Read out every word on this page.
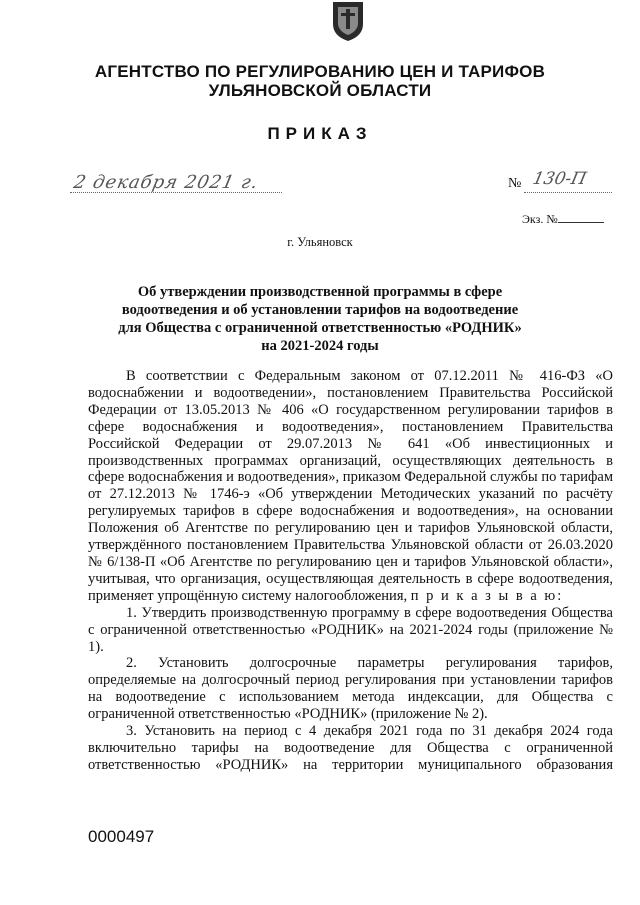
АГЕНТСТВО ПО РЕГУЛИРОВАНИЮ ЦЕН И ТАРИФОВ
УЛЬЯНОВСКОЙ ОБЛАСТИ
ПРИКАЗ
2 декабря 2021 г.	№ 130-П
Экз. №
г. Ульяновск
Об утверждении производственной программы в сфере
водоотведения и об установлении тарифов на водоотведение
для Общества с ограниченной ответственностью «РОДНИК»
на 2021-2024 годы

В соответствии с Федеральным законом от 07.12.2011 № 416-ФЗ «О водоснабжении и водоотведении», постановлением Правительства Российской Федерации от 13.05.2013 № 406 «О государственном регулировании тарифов в сфере водоснабжения и водоотведения», постановлением Правительства Российской Федерации от 29.07.2013 № 641 «Об инвестиционных и производственных программах организаций, осуществляющих деятельность в сфере водоснабжения и водоотведения», приказом Федеральной службы по тарифам от 27.12.2013 № 1746-э «Об утверждении Методических указаний по расчёту регулируемых тарифов в сфере водоснабжения и водоотведения», на основании Положения об Агентстве по регулированию цен и тарифов Ульяновской области, утверждённого постановлением Правительства Ульяновской области от 26.03.2020 № 6/138-П «Об Агентстве по регулированию цен и тарифов Ульяновской области», учитывая, что организация, осуществляющая деятельность в сфере водоотведения, применяет упрощённую систему налогообложения, п р и к а з ы в а ю:

1. Утвердить производственную программу в сфере водоотведения Общества с ограниченной ответственностью «РОДНИК» на 2021-2024 годы (приложение № 1).

2. Установить долгосрочные параметры регулирования тарифов, определяемые на долгосрочный период регулирования при установлении тарифов на водоотведение с использованием метода индексации, для Общества с ограниченной ответственностью «РОДНИК» (приложение № 2).

3. Установить на период с 4 декабря 2021 года по 31 декабря 2024 года включительно тарифы на водоотведение для Общества с ограниченной ответственностью «РОДНИК» на территории муниципального образования

0000497
